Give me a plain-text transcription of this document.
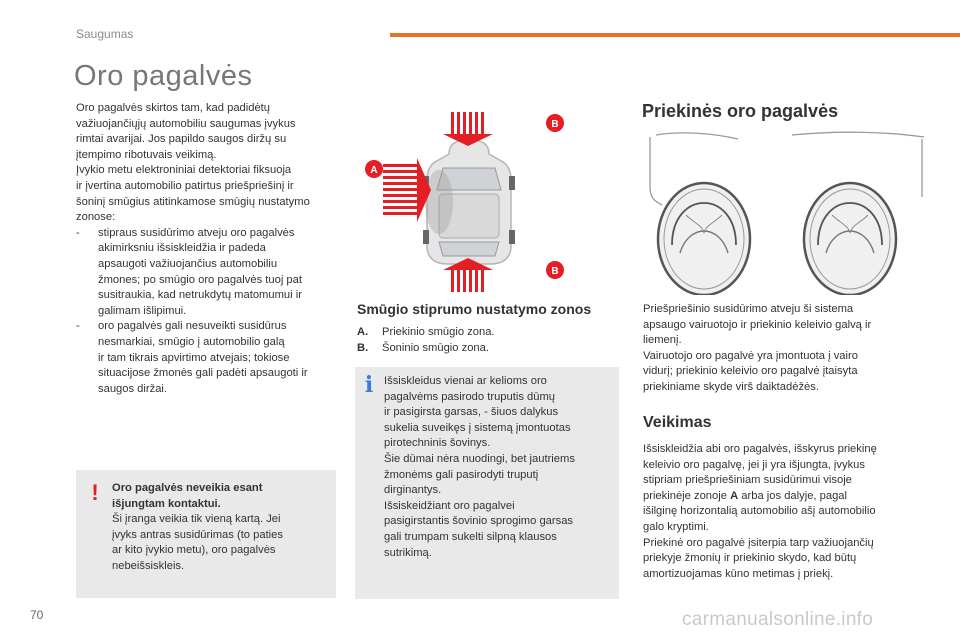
Saugumas
Oro pagalvės
Oro pagalvės skirtos tam, kad padidėtų
važiuojančiųjų automobiliu saugumas įvykus
rimtai avarijai. Jos papildo saugos diržų su
įtempimo ribotuvais veikimą.
Įvykio metu elektroniniai detektoriai fiksuoja
ir įvertina automobilio patirtus priešpriešinį ir
šoninį smūgius atitinkamose smūgių nustatymo
zonose:
-	stipraus susidūrimo atveju oro pagalvės
akimirksniu išsiskleidžia ir padeda
apsaugoti važiuojančius automobiliu
žmones; po smūgio oro pagalvės tuoj pat
susitraukia, kad netrukdytų matomumui ir
galimam išlipimui.
-	oro pagalvės gali nesuveikti susidūrus
nesmarkiai, smūgio į automobilio galą
ir tam tikrais apvirtimo atvejais; tokiose
situacijose žmonės gali padėti apsaugoti ir
saugos diržai.
! Oro pagalvės neveikia esant
išjungtam kontaktui.
Ši įranga veikia tik vieną kartą. Jei
įvyks antras susidūrimas (to paties
ar kito įvykio metu), oro pagalvės
nebeišsiskleis.
A
B
B
Smūgio stiprumo nustatymo zonos
A.	Priekinio smūgio zona.
B.	Šoninio smūgio zona.
i Išsiskleidus vienai ar kelioms oro
pagalvėms pasirodo truputis dūmų
ir pasigirsta garsas, - šiuos dalykus
sukelia suveikęs į sistemą įmontuotas
pirotechninis šovinys.
Šie dūmai nėra nuodingi, bet jautriems
žmonėms gali pasirodyti truputį
dirginantys.
Išsiskeidžiant oro pagalvei
pasigirstantis šovinio sprogimo garsas
gali trumpam sukelti silpną klausos
sutrikimą.
Priekinės oro pagalvės
Priešpriešinio susidūrimo atveju ši sistema
apsaugo vairuotojo ir priekinio keleivio galvą ir
liemenį.
Vairuotojo oro pagalvė yra įmontuota į vairo
vidurį; priekinio keleivio oro pagalvė įtaisyta
priekiniame skyde virš daiktadėžės.
Veikimas
Išsiskleidžia abi oro pagalvės, išskyrus priekinę
keleivio oro pagalvę, jei ji yra išjungta, įvykus
stipriam priešpriešiniam susidūrimui visoje
priekinėje zonoje A arba jos dalyje, pagal
išilginę horizontalią automobilio ašį automobilio
galo kryptimi.
Priekinė oro pagalvė įsiterpia tarp važiuojančių
priekyje žmonių ir priekinio skydo, kad būtų
amortizuojamas kūno metimas į priekį.
70	carmanualsonline.info
